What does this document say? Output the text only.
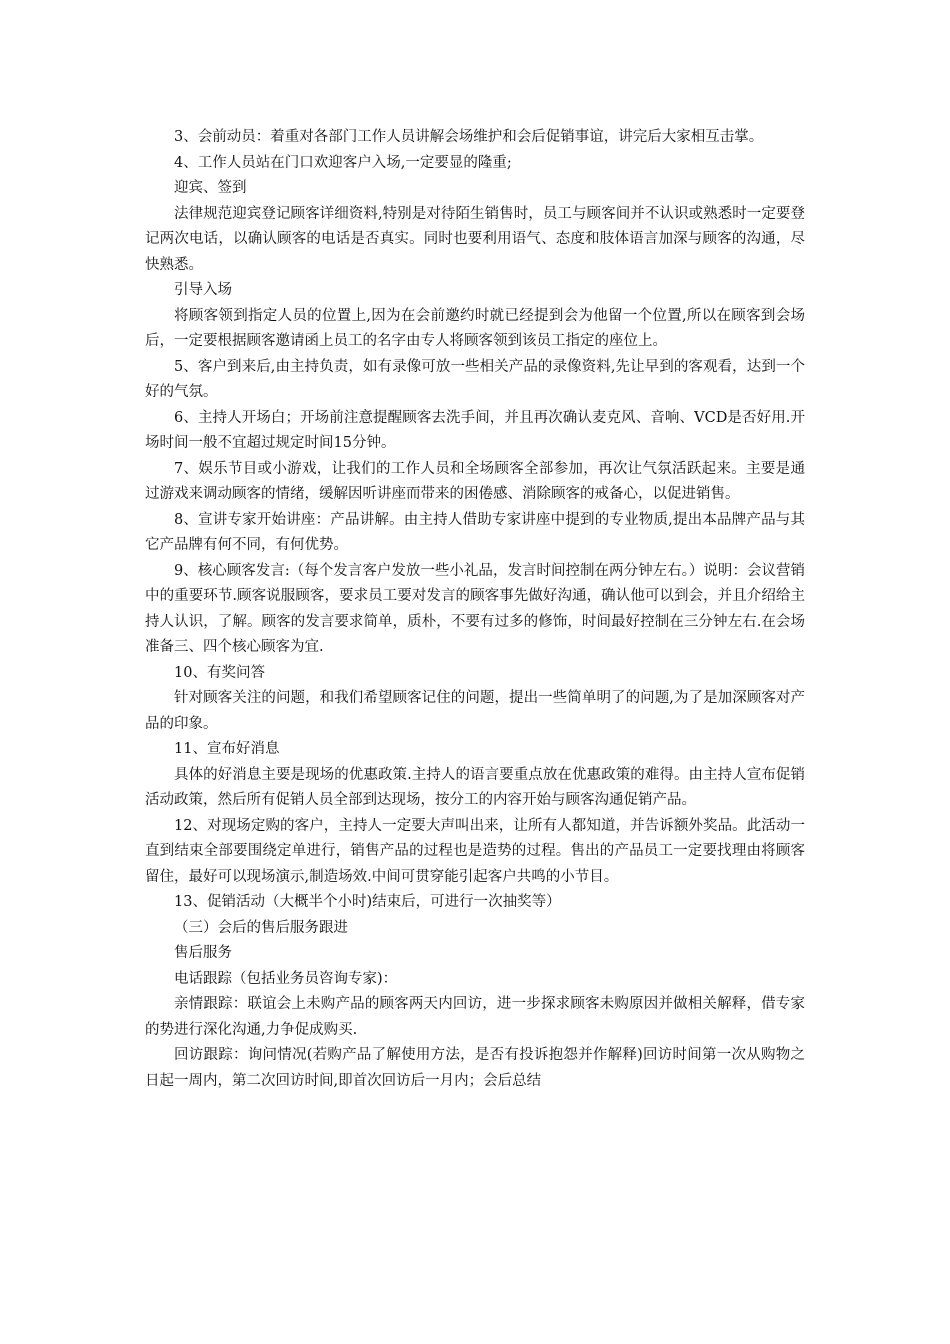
3、会前动员：着重对各部门工作人员讲解会场维护和会后促销事谊，讲完后大家相互击掌。

4、工作人员站在门口欢迎客户入场,一定要显的隆重;

迎宾、签到

法律规范迎宾登记顾客详细资料,特别是对待陌生销售时，员工与顾客间并不认识或熟悉时一定要登记两次电话，以确认顾客的电话是否真实。同时也要利用语气、态度和肢体语言加深与顾客的沟通，尽快熟悉。

引导入场

将顾客领到指定人员的位置上,因为在会前邀约时就已经提到会为他留一个位置,所以在顾客到会场后，一定要根据顾客邀请函上员工的名字由专人将顾客领到该员工指定的座位上。

5、客户到来后,由主持负责，如有录像可放一些相关产品的录像资料,先让早到的客观看，达到一个好的气氛。

6、主持人开场白；开场前注意提醒顾客去洗手间，并且再次确认麦克风、音响、VCD是否好用.开场时间一般不宜超过规定时间15分钟。

7、娱乐节目或小游戏，让我们的工作人员和全场顾客全部参加，再次让气氛活跃起来。主要是通过游戏来调动顾客的情绪，缓解因听讲座而带来的困倦感、消除顾客的戒备心，以促进销售。

8、宣讲专家开始讲座：产品讲解。由主持人借助专家讲座中提到的专业物质,提出本品牌产品与其它产品牌有何不同，有何优势。

9、核心顾客发言:（每个发言客户发放一些小礼品，发言时间控制在两分钟左右。）说明：会议营销中的重要环节.顾客说服顾客，要求员工要对发言的顾客事先做好沟通，确认他可以到会，并且介绍给主持人认识，了解。顾客的发言要求简单，质朴，不要有过多的修饰，时间最好控制在三分钟左右.在会场准备三、四个核心顾客为宜.

10、有奖问答

针对顾客关注的问题，和我们希望顾客记住的问题，提出一些简单明了的问题,为了是加深顾客对产品的印象。

11、宣布好消息

具体的好消息主要是现场的优惠政策.主持人的语言要重点放在优惠政策的难得。由主持人宣布促销活动政策，然后所有促销人员全部到达现场，按分工的内容开始与顾客沟通促销产品。

12、对现场定购的客户，主持人一定要大声叫出来，让所有人都知道，并告诉额外奖品。此活动一直到结束全部要围绕定单进行，销售产品的过程也是造势的过程。售出的产品员工一定要找理由将顾客留住，最好可以现场演示,制造场效.中间可贯穿能引起客户共鸣的小节目。

13、促销活动（大概半个小时)结束后，可进行一次抽奖等）

（三）会后的售后服务跟进

售后服务

电话跟踪（包括业务员咨询专家)：

亲情跟踪：联谊会上未购产品的顾客两天内回访，进一步探求顾客未购原因并做相关解释，借专家的势进行深化沟通,力争促成购买.

回访跟踪：询问情况(若购产品了解使用方法，是否有投诉抱怨并作解释)回访时间第一次从购物之日起一周内，第二次回访时间,即首次回访后一月内；会后总结
